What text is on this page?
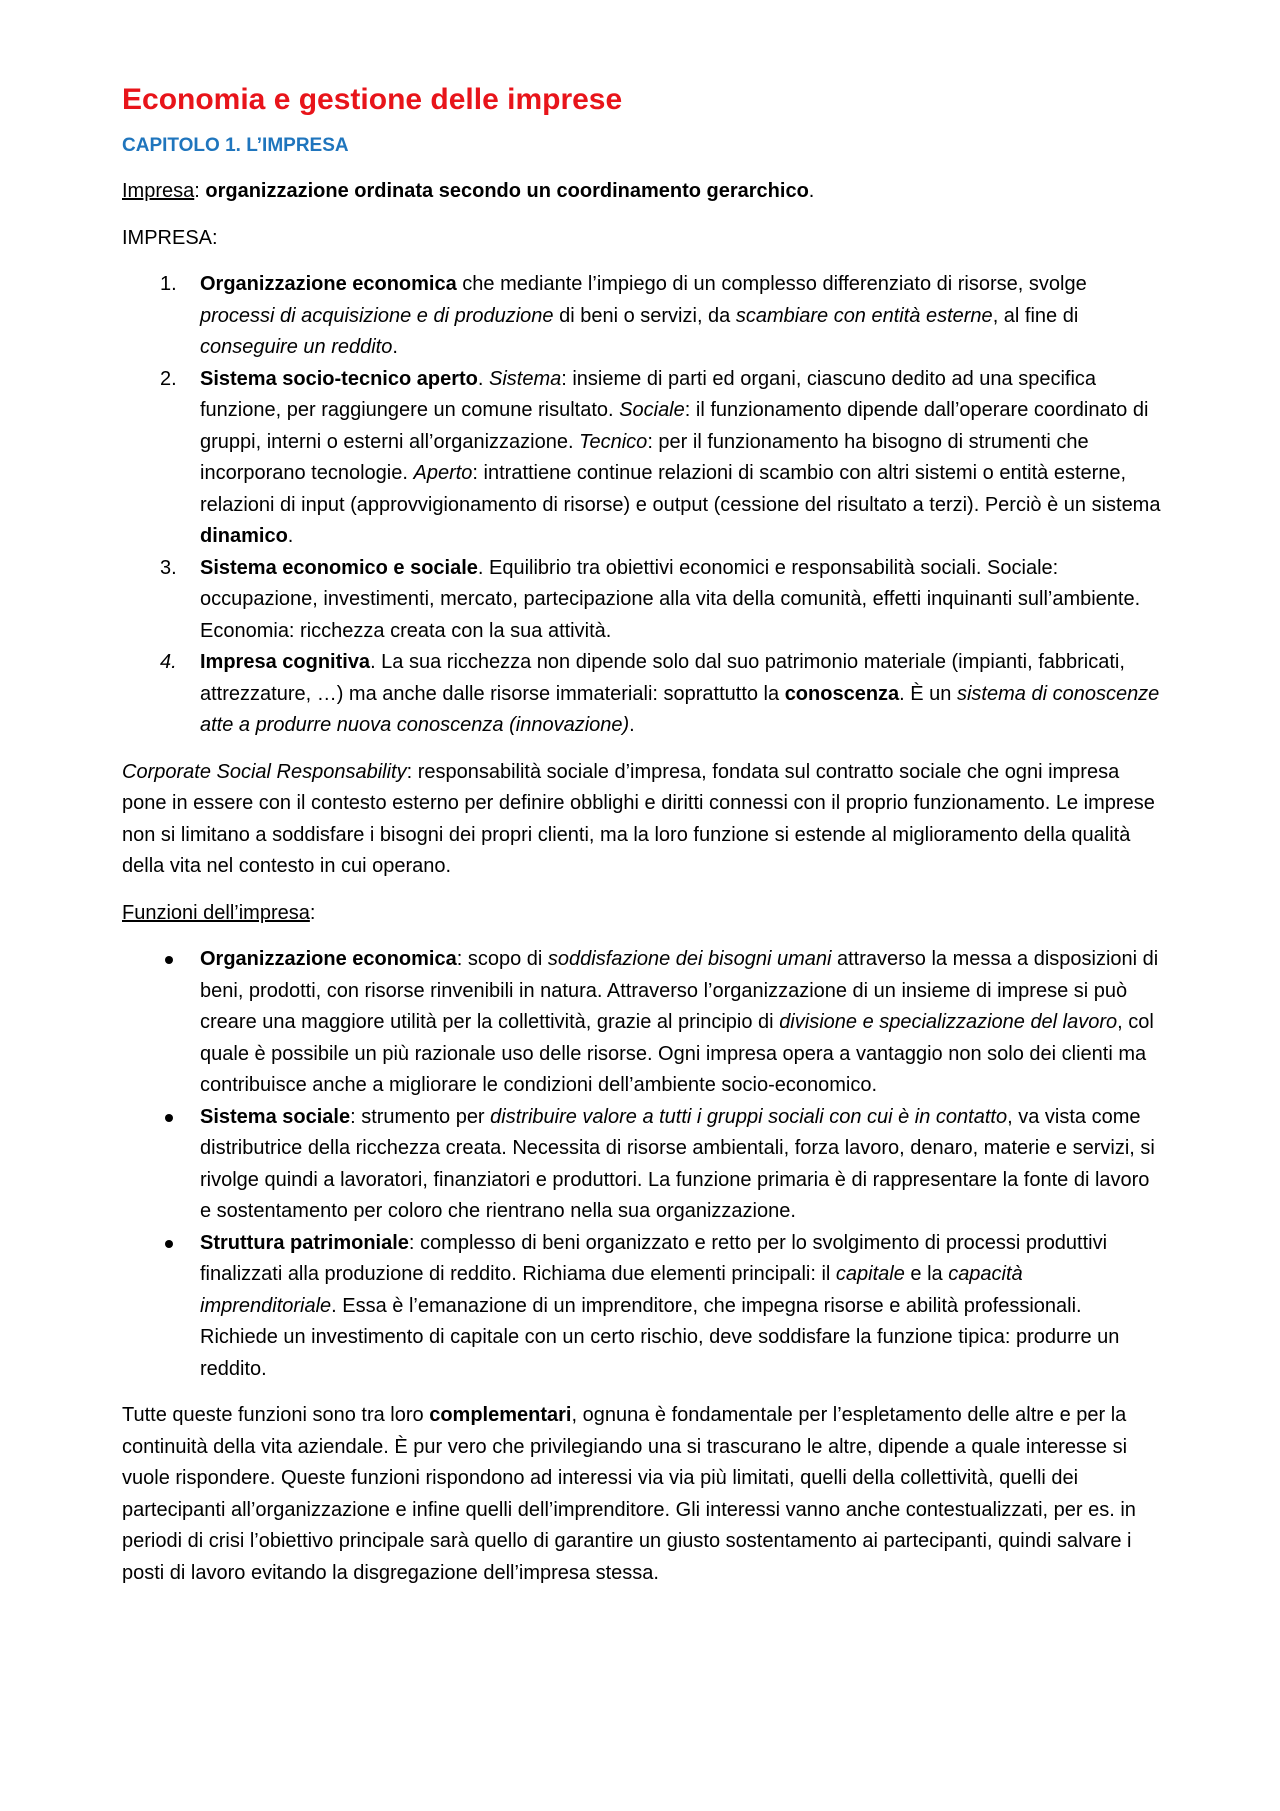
Economia e gestione delle imprese
CAPITOLO 1. L’IMPRESA

Impresa: organizzazione ordinata secondo un coordinamento gerarchico.

IMPRESA:

1.	Organizzazione economica che mediante l’impiego di un complesso differenziato di risorse, svolge processi di acquisizione e di produzione di beni o servizi, da scambiare con entità esterne, al fine di conseguire un reddito.
2.	Sistema socio-tecnico aperto. Sistema: insieme di parti ed organi, ciascuno dedito ad una specifica funzione, per raggiungere un comune risultato. Sociale: il funzionamento dipende dall’operare coordinato di gruppi, interni o esterni all’organizzazione. Tecnico: per il funzionamento ha bisogno di strumenti che incorporano tecnologie. Aperto: intrattiene continue relazioni di scambio con altri sistemi o entità esterne, relazioni di input (approvvigionamento di risorse) e output (cessione del risultato a terzi). Perciò è un sistema dinamico.
3.	Sistema economico e sociale. Equilibrio tra obiettivi economici e responsabilità sociali. Sociale: occupazione, investimenti, mercato, partecipazione alla vita della comunità, effetti inquinanti sull’ambiente. Economia: ricchezza creata con la sua attività.
4.	Impresa cognitiva. La sua ricchezza non dipende solo dal suo patrimonio materiale (impianti, fabbricati, attrezzature, …) ma anche dalle risorse immateriali: soprattutto la conoscenza. È un sistema di conoscenze atte a produrre nuova conoscenza (innovazione).

Corporate Social Responsability: responsabilità sociale d’impresa, fondata sul contratto sociale che ogni impresa pone in essere con il contesto esterno per definire obblighi e diritti connessi con il proprio funzionamento. Le imprese non si limitano a soddisfare i bisogni dei propri clienti, ma la loro funzione si estende al miglioramento della qualità della vita nel contesto in cui operano.

Funzioni dell’impresa:

Organizzazione economica: scopo di soddisfazione dei bisogni umani attraverso la messa a disposizioni di beni, prodotti, con risorse rinvenibili in natura. Attraverso l’organizzazione di un insieme di imprese si può creare una maggiore utilità per la collettività, grazie al principio di divisione e specializzazione del lavoro, col quale è possibile un più razionale uso delle risorse. Ogni impresa opera a vantaggio non solo dei clienti ma contribuisce anche a migliorare le condizioni dell’ambiente socio-economico.
Sistema sociale: strumento per distribuire valore a tutti i gruppi sociali con cui è in contatto, va vista come distributrice della ricchezza creata. Necessita di risorse ambientali, forza lavoro, denaro, materie e servizi, si rivolge quindi a lavoratori, finanziatori e produttori. La funzione primaria è di rappresentare la fonte di lavoro e sostentamento per coloro che rientrano nella sua organizzazione.
Struttura patrimoniale: complesso di beni organizzato e retto per lo svolgimento di processi produttivi finalizzati alla produzione di reddito. Richiama due elementi principali: il capitale e la capacità imprenditoriale. Essa è l’emanazione di un imprenditore, che impegna risorse e abilità professionali. Richiede un investimento di capitale con un certo rischio, deve soddisfare la funzione tipica: produrre un reddito.

Tutte queste funzioni sono tra loro complementari, ognuna è fondamentale per l’espletamento delle altre e per la continuità della vita aziendale. È pur vero che privilegiando una si trascurano le altre, dipende a quale interesse si vuole rispondere. Queste funzioni rispondono ad interessi via via più limitati, quelli della collettività, quelli dei partecipanti all’organizzazione e infine quelli dell’imprenditore. Gli interessi vanno anche contestualizzati, per es. in periodi di crisi l’obiettivo principale sarà quello di garantire un giusto sostentamento ai partecipanti, quindi salvare i posti di lavoro evitando la disgregazione dell’impresa stessa.
